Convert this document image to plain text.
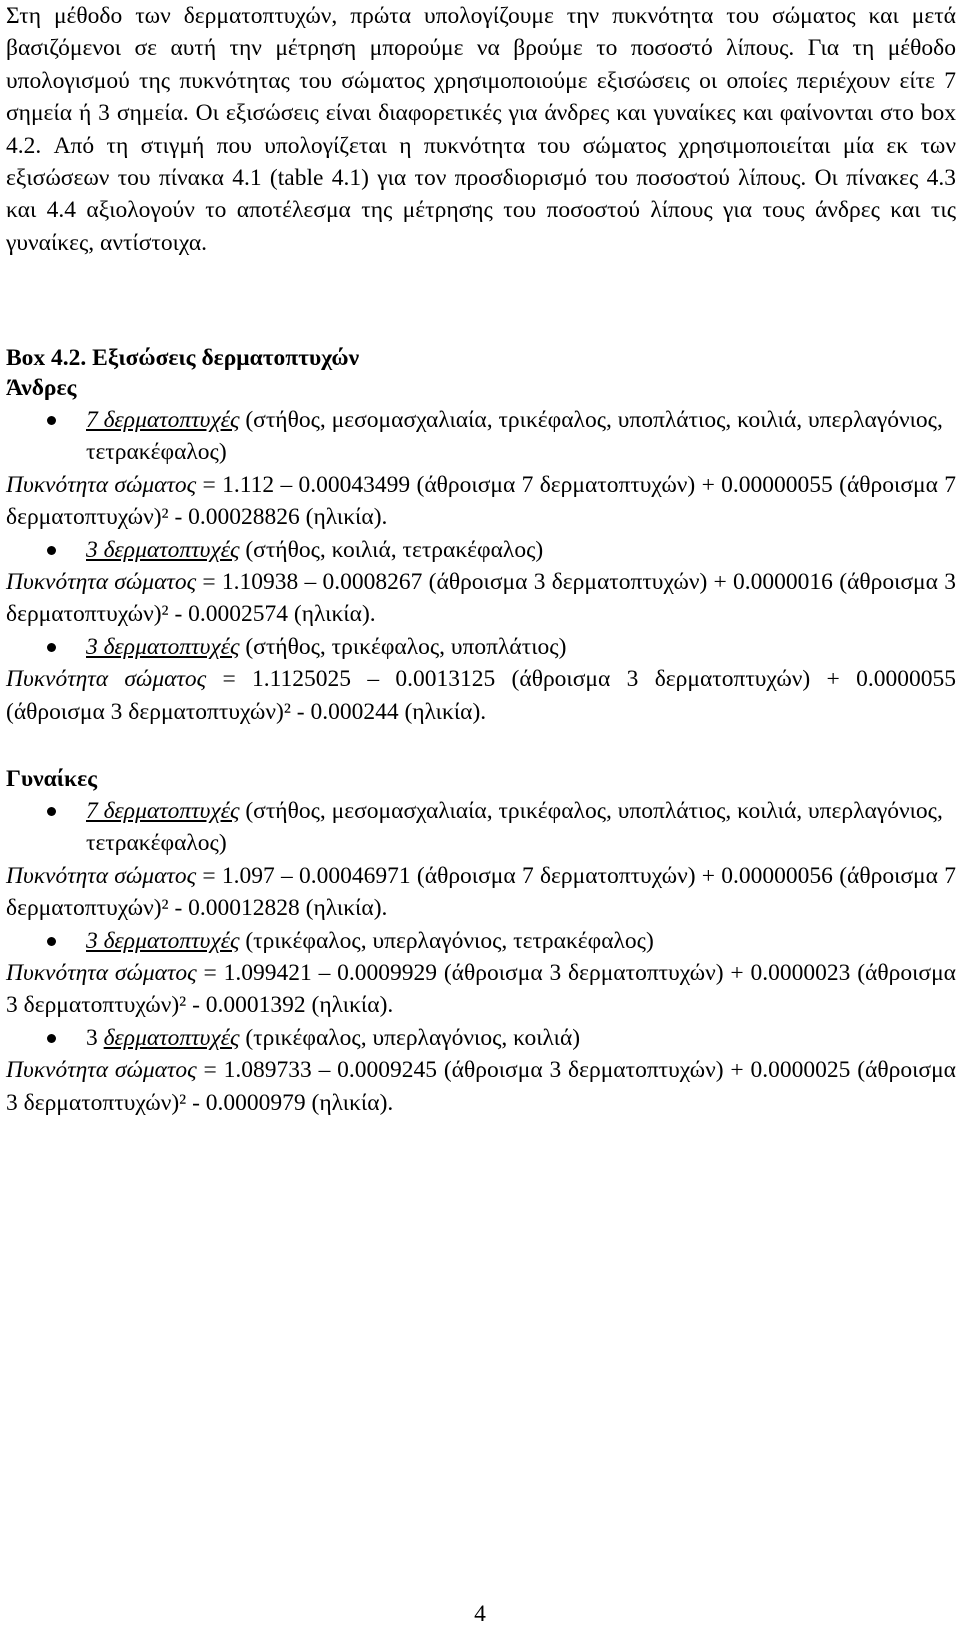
Στη μέθοδο των δερματοπτυχών, πρώτα υπολογίζουμε την πυκνότητα του σώματος και μετά βασιζόμενοι σε αυτή την μέτρηση μπορούμε να βρούμε το ποσοστό λίπους. Για τη μέθοδο υπολογισμού της πυκνότητας του σώματος χρησιμοποιούμε εξισώσεις οι οποίες περιέχουν είτε 7 σημεία ή 3 σημεία. Οι εξισώσεις είναι διαφορετικές για άνδρες και γυναίκες και φαίνονται στο box 4.2. Από τη στιγμή που υπολογίζεται η πυκνότητα του σώματος χρησιμοποιείται μία εκ των εξισώσεων του πίνακα 4.1 (table 4.1) για τον προσδιορισμό του ποσοστού λίπους. Οι πίνακες 4.3 και 4.4 αξιολογούν το αποτέλεσμα της μέτρησης του ποσοστού λίπους για τους άνδρες και τις γυναίκες, αντίστοιχα.

Box 4.2. Εξισώσεις δερματοπτυχών
Άνδρες
7 δερματοπτυχές (στήθος, μεσομασχαλιαία, τρικέφαλος, υποπλάτιος, κοιλιά, υπερλαγόνιος, τετρακέφαλος)
Πυκνότητα σώματος = 1.112 – 0.00043499 (άθροισμα 7 δερματοπτυχών) + 0.00000055 (άθροισμα 7 δερματοπτυχών)² - 0.00028826 (ηλικία).
3 δερματοπτυχές (στήθος, κοιλιά, τετρακέφαλος)
Πυκνότητα σώματος = 1.10938 – 0.0008267 (άθροισμα 3 δερματοπτυχών) + 0.0000016 (άθροισμα 3 δερματοπτυχών)² - 0.0002574 (ηλικία).
3 δερματοπτυχές (στήθος, τρικέφαλος, υποπλάτιος)
Πυκνότητα σώματος = 1.1125025 – 0.0013125 (άθροισμα 3 δερματοπτυχών) + 0.0000055 (άθροισμα 3 δερματοπτυχών)² - 0.000244 (ηλικία).
Γυναίκες
7 δερματοπτυχές (στήθος, μεσομασχαλιαία, τρικέφαλος, υποπλάτιος, κοιλιά, υπερλαγόνιος, τετρακέφαλος)
Πυκνότητα σώματος = 1.097 – 0.00046971 (άθροισμα 7 δερματοπτυχών) + 0.00000056 (άθροισμα 7 δερματοπτυχών)² - 0.00012828 (ηλικία).
3 δερματοπτυχές (τρικέφαλος, υπερλαγόνιος, τετρακέφαλος)
Πυκνότητα σώματος = 1.099421 – 0.0009929 (άθροισμα 3 δερματοπτυχών) + 0.0000023 (άθροισμα 3 δερματοπτυχών)² - 0.0001392 (ηλικία).
3 δερματοπτυχές (τρικέφαλος, υπερλαγόνιος, κοιλιά)
Πυκνότητα σώματος = 1.089733 – 0.0009245 (άθροισμα 3 δερματοπτυχών) + 0.0000025 (άθροισμα 3 δερματοπτυχών)² - 0.0000979 (ηλικία).
4
